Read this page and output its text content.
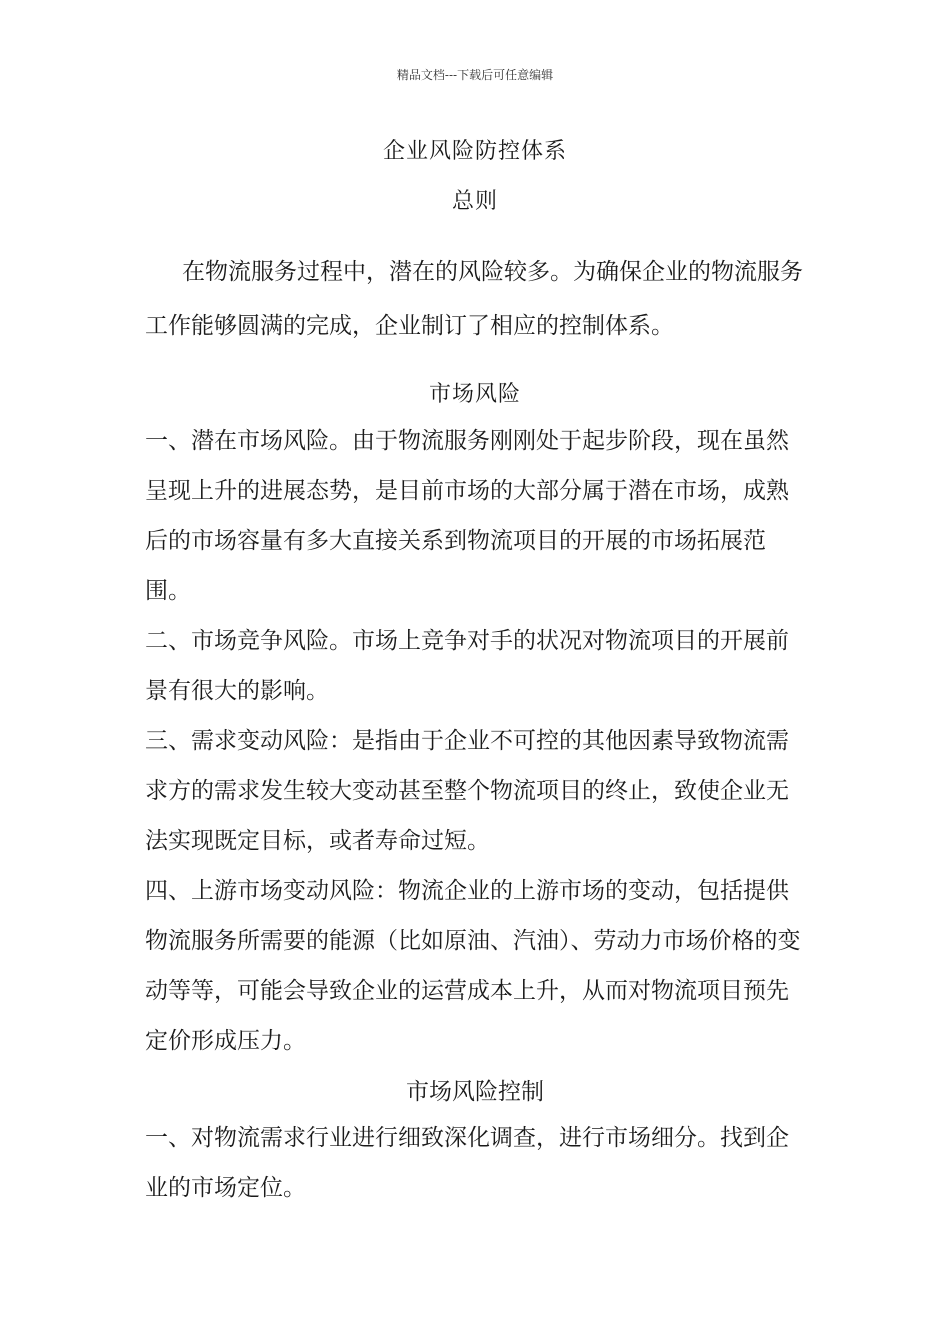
精品文档---下载后可任意编辑
企业风险防控体系
总则

在物流服务过程中，潜在的风险较多。为确保企业的物流服务工作能够圆满的完成，企业制订了相应的控制体系。

市场风险

一、潜在市场风险。由于物流服务刚刚处于起步阶段，现在虽然呈现上升的进展态势，是目前市场的大部分属于潜在市场，成熟后的市场容量有多大直接关系到物流项目的开展的市场拓展范围。

二、市场竞争风险。市场上竞争对手的状况对物流项目的开展前景有很大的影响。

三、需求变动风险：是指由于企业不可控的其他因素导致物流需求方的需求发生较大变动甚至整个物流项目的终止，致使企业无法实现既定目标，或者寿命过短。

四、上游市场变动风险：物流企业的上游市场的变动，包括提供物流服务所需要的能源（比如原油、汽油）、劳动力市场价格的变动等等，可能会导致企业的运营成本上升，从而对物流项目预先定价形成压力。

市场风险控制

一、对物流需求行业进行细致深化调查，进行市场细分。找到企业的市场定位。
